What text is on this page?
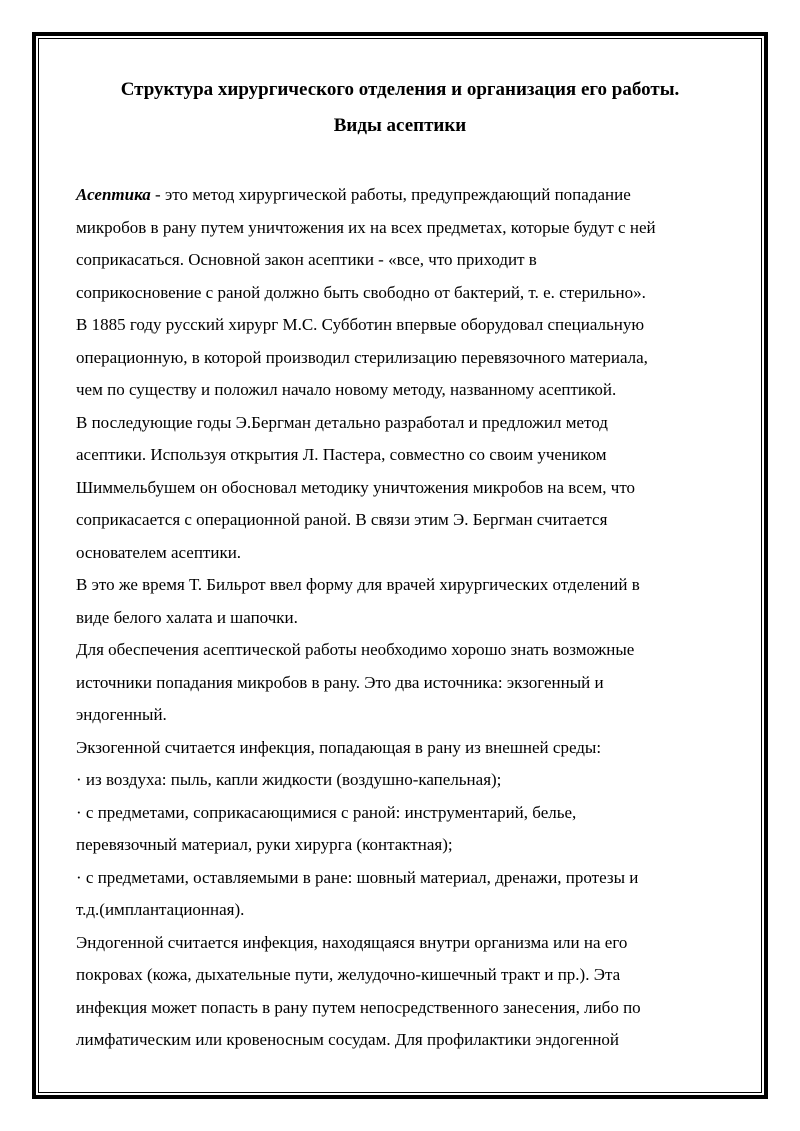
Структура хирургического отделения и организация его работы.
Виды асептики
Асептика - это метод хирургической работы, предупреждающий попадание
микробов в рану путем уничтожения их на всех предметах, которые будут с ней
соприкасаться. Основной закон асептики - «все, что приходит в
соприкосновение с раной должно быть свободно от бактерий, т. е. стерильно».
В 1885 году русский хирург М.С. Субботин впервые оборудовал специальную
операционную, в которой производил стерилизацию перевязочного материала,
чем по существу и положил начало новому методу, названному асептикой.
В последующие годы Э.Бергман детально разработал и предложил метод
асептики. Используя открытия Л. Пастера, совместно со своим учеником
Шиммельбушем он обосновал методику уничтожения микробов на всем, что
соприкасается с операционной раной. В связи этим Э. Бергман считается
основателем асептики.
В это же время Т. Бильрот ввел форму для врачей хирургических отделений в
виде белого халата и шапочки.
Для обеспечения асептической работы необходимо хорошо знать возможные
источники попадания микробов в рану. Это два источника: экзогенный и
эндогенный.
Экзогенной считается инфекция, попадающая в рану из внешней среды:
· из воздуха: пыль, капли жидкости (воздушно-капельная);
· с предметами, соприкасающимися с раной: инструментарий, белье,
перевязочный материал, руки хирурга (контактная);
· с предметами, оставляемыми в ране: шовный материал, дренажи, протезы и
т.д.(имплантационная).
Эндогенной считается инфекция, находящаяся внутри организма или на его
покровах (кожа, дыхательные пути, желудочно-кишечный тракт и пр.). Эта
инфекция может попасть в рану путем непосредственного занесения, либо по
лимфатическим или кровеносным сосудам. Для профилактики эндогенной
